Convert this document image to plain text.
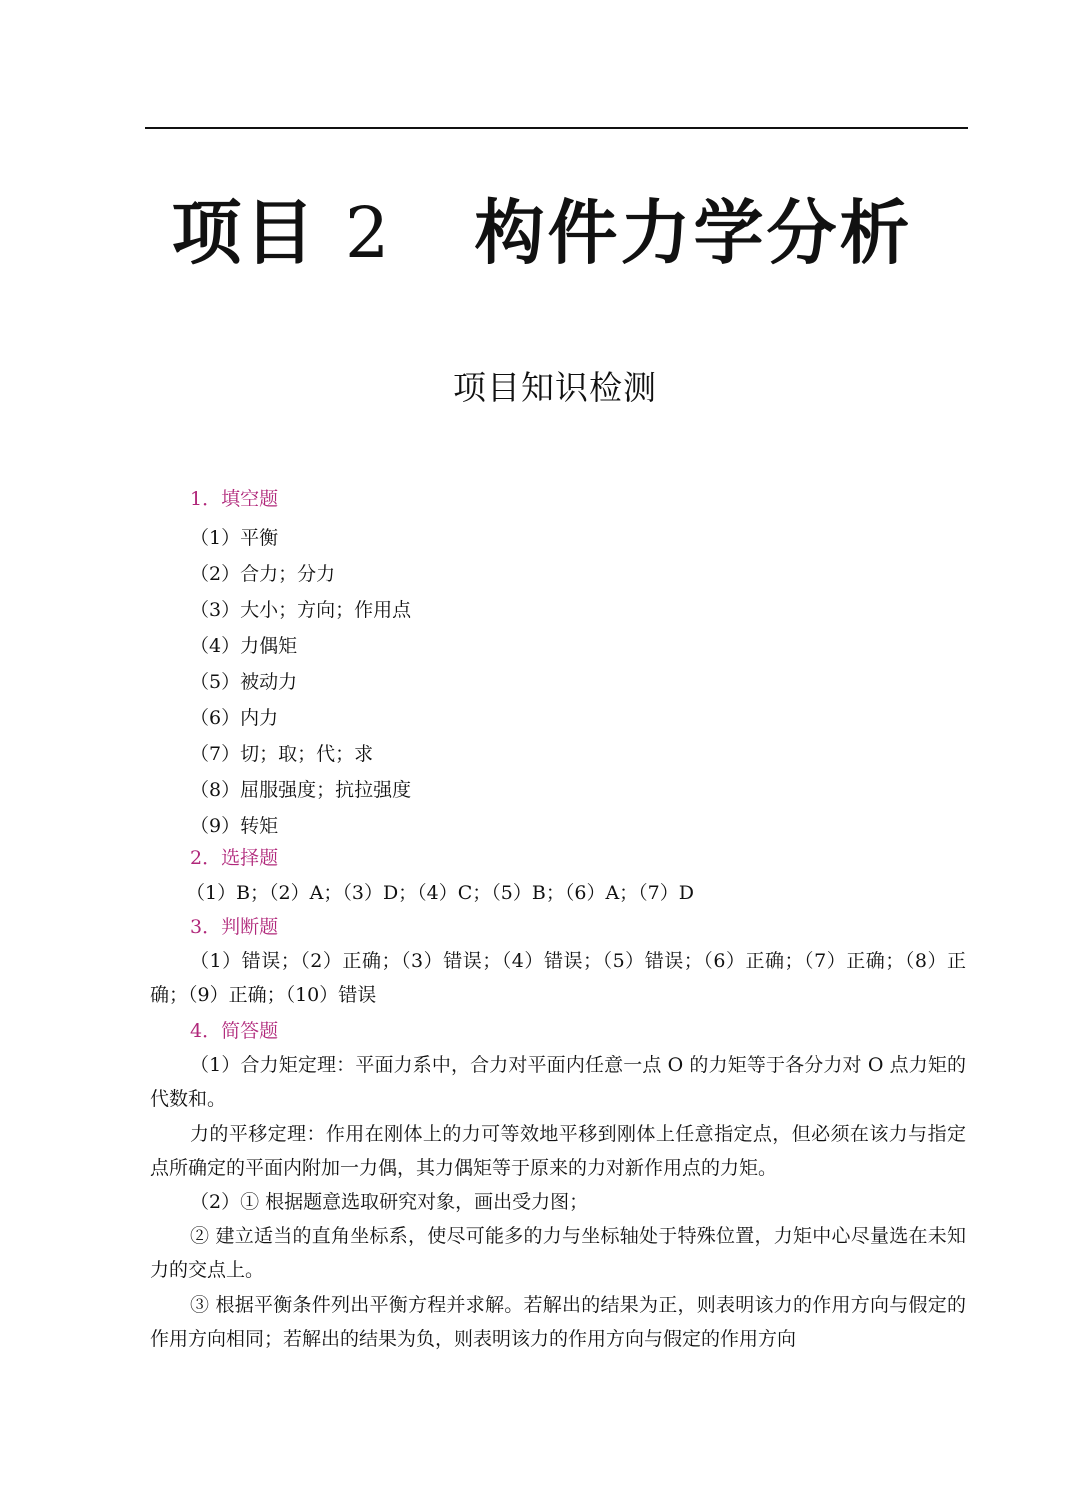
项目 2 构件力学分析
项目知识检测
1．填空题
（1）平衡
（2）合力；分力
（3）大小；方向；作用点
（4）力偶矩
（5）被动力
（6）内力
（7）切；取；代；求
（8）屈服强度；抗拉强度
（9）转矩
2．选择题
（1）B；（2）A；（3）D；（4）C；（5）B；（6）A；（7）D
3．判断题
（1）错误；（2）正确；（3）错误；（4）错误；（5）错误；（6）正确；（7）正确；（8）正确；（9）正确；（10）错误
4．简答题
（1）合力矩定理：平面力系中，合力对平面内任意一点 O 的力矩等于各分力对 O 点力矩的代数和。
力的平移定理：作用在刚体上的力可等效地平移到刚体上任意指定点，但必须在该力与指定点所确定的平面内附加一力偶，其力偶矩等于原来的力对新作用点的力矩。
（2）① 根据题意选取研究对象，画出受力图；
② 建立适当的直角坐标系，使尽可能多的力与坐标轴处于特殊位置，力矩中心尽量选在未知力的交点上。
③ 根据平衡条件列出平衡方程并求解。若解出的结果为正，则表明该力的作用方向与假定的作用方向相同；若解出的结果为负，则表明该力的作用方向与假定的作用方向
